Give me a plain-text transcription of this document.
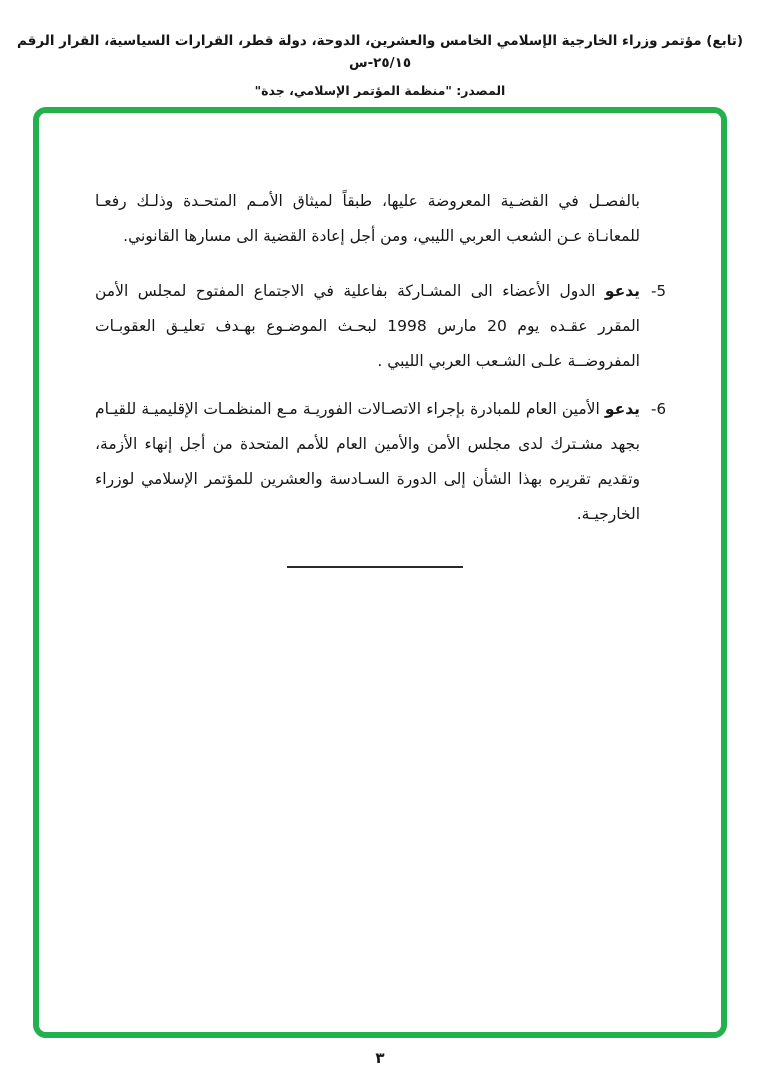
(تابع) مؤتمر وزراء الخارجية الإسلامي الخامس والعشرين، الدوحة، دولة قطر، القرارات السياسية، القرار الرقم ٢٥/١٥-س
المصدر: "منظمة المؤتمر الإسلامي، جدة"

بالفصـل في القضـية المعروضة عليها، طبقاً لميثاق الأمـم المتحـدة وذلـك رفعـا للمعانـاة عـن الشعب العربي الليبي، ومن أجل إعادة القضية الى مسارها القانوني.

5-
يدعو الدول الأعضاء الى المشـاركة بفاعلية في الاجتماع المفتوح لمجلس الأمن المقرر عقـده يوم 20 مارس 1998 لبحـث الموضـوع بهـدف تعليـق العقوبـات المفروضــة علـى الشـعب العربي الليبي .
6-
يدعو الأمين العام للمبادرة بإجراء الاتصـالات الفوريـة مـع المنظمـات الإقليميـة للقيـام بجهد مشـترك لدى مجلس الأمن والأمين العام للأمم المتحدة من أجل إنهاء الأزمة، وتقديم تقريره بهذا الشأن إلى الدورة السـادسة والعشرين للمؤتمر الإسلامي لوزراء الخارجيـة.
٣
